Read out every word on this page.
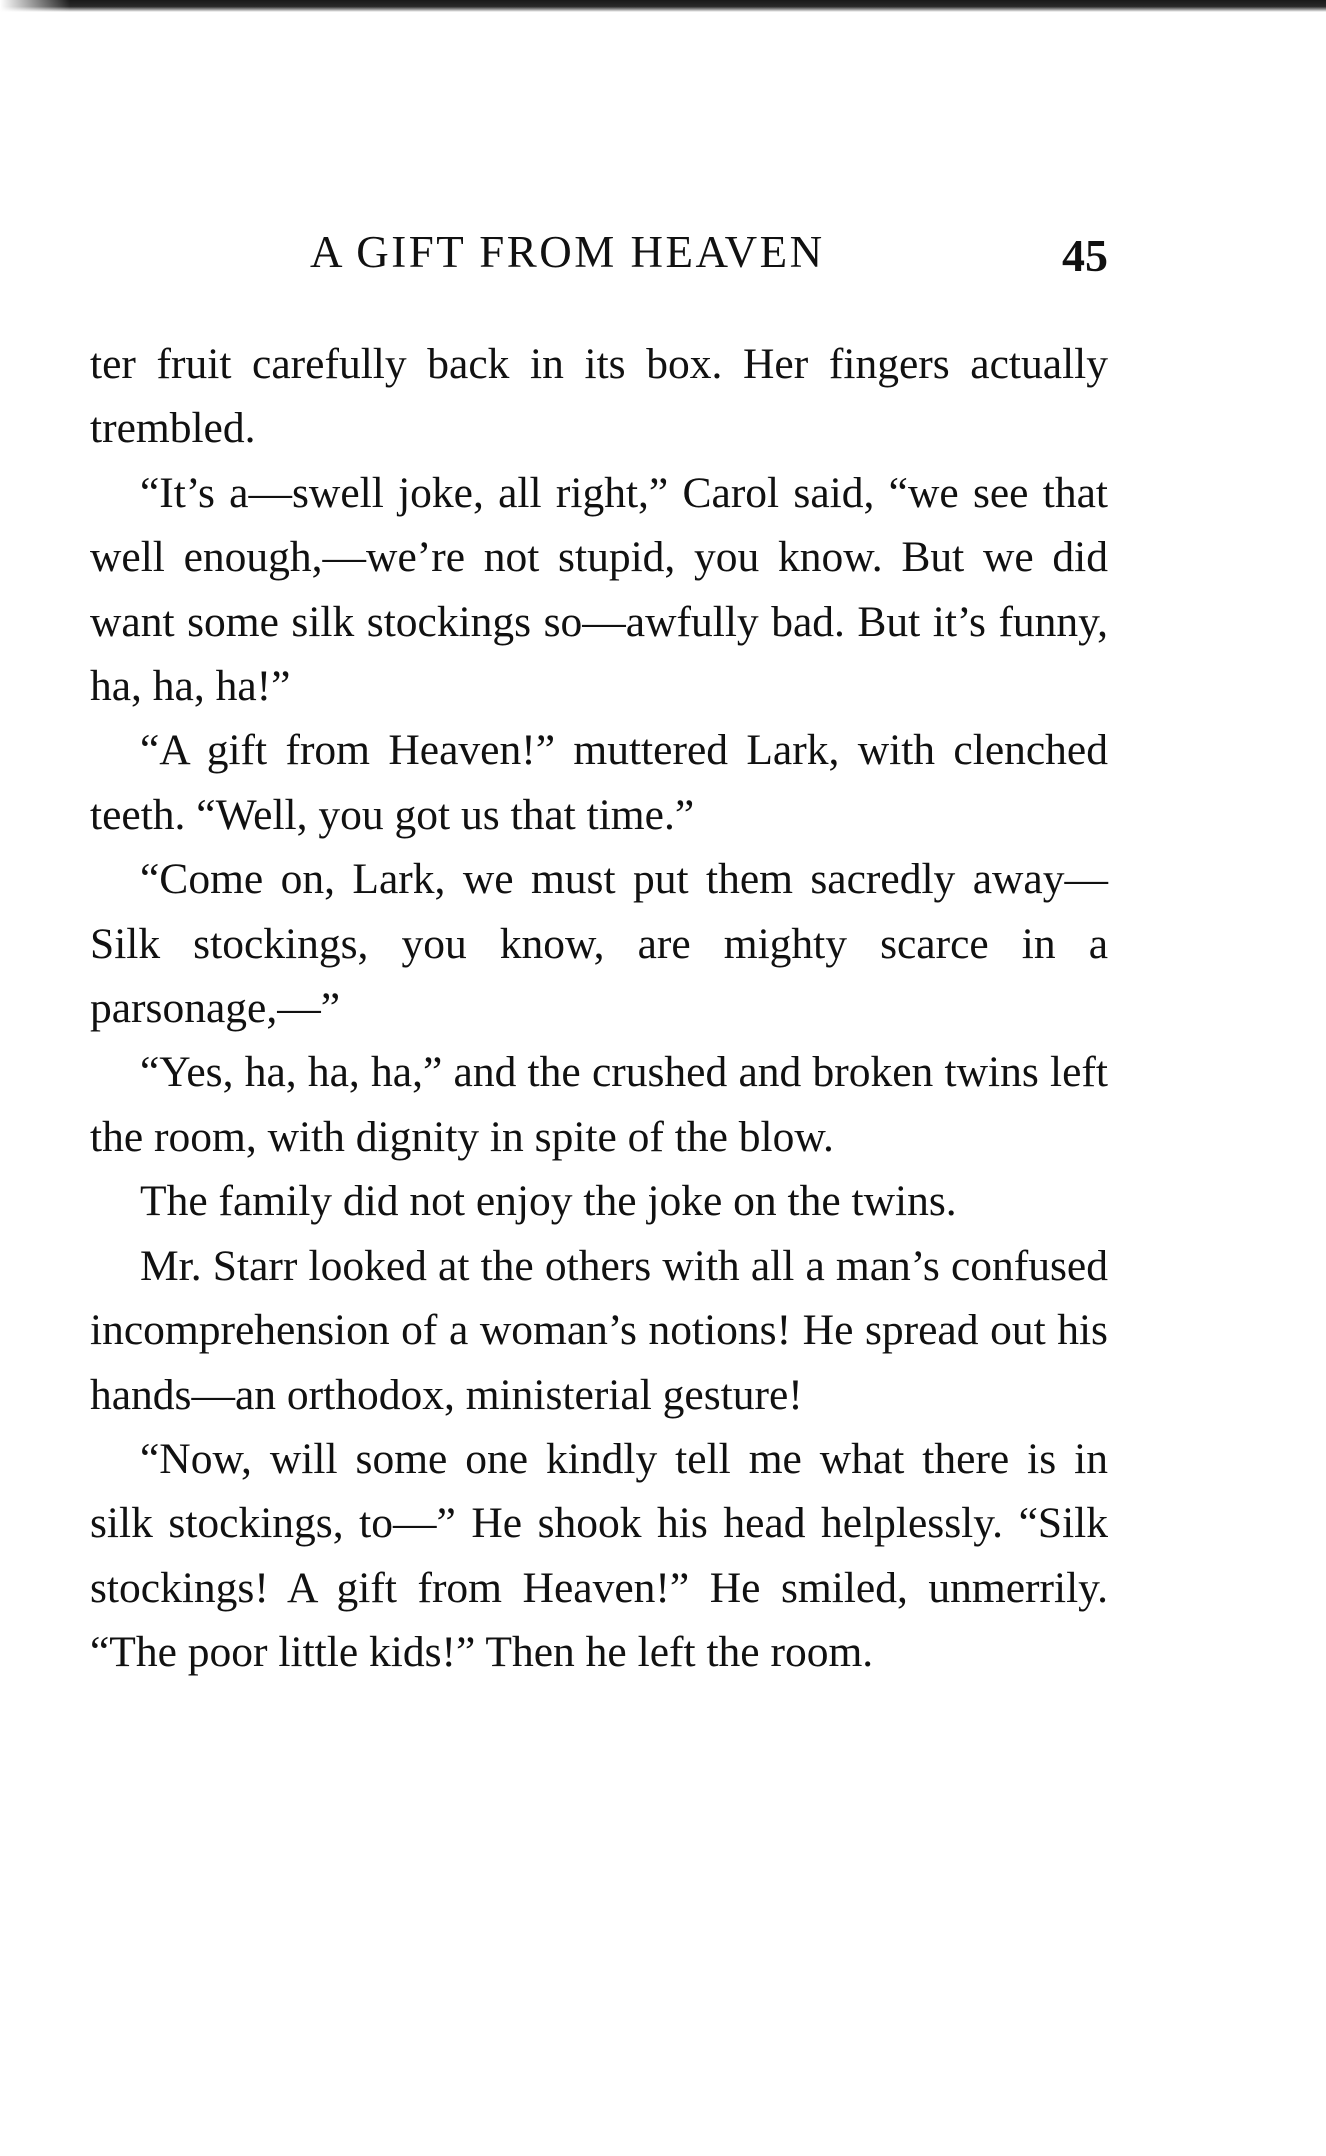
A GIFT FROM HEAVEN	45

ter fruit carefully back in its box. Her fingers actually trembled.

“It’s a—swell joke, all right,” Carol said, “we see that well enough,—we’re not stupid, you know. But we did want some silk stockings so—awfully bad. But it’s funny, ha, ha, ha!”

“A gift from Heaven!” muttered Lark, with clenched teeth. “Well, you got us that time.”

“Come on, Lark, we must put them sacredly away— Silk stockings, you know, are mighty scarce in a parsonage,—”

“Yes, ha, ha, ha,” and the crushed and broken twins left the room, with dignity in spite of the blow.

The family did not enjoy the joke on the twins.

Mr. Starr looked at the others with all a man’s confused incomprehension of a woman’s notions! He spread out his hands—an orthodox, ministerial gesture!

“Now, will some one kindly tell me what there is in silk stockings, to—” He shook his head helplessly. “Silk stockings! A gift from Heaven!” He smiled, unmerrily. “The poor little kids!” Then he left the room.
